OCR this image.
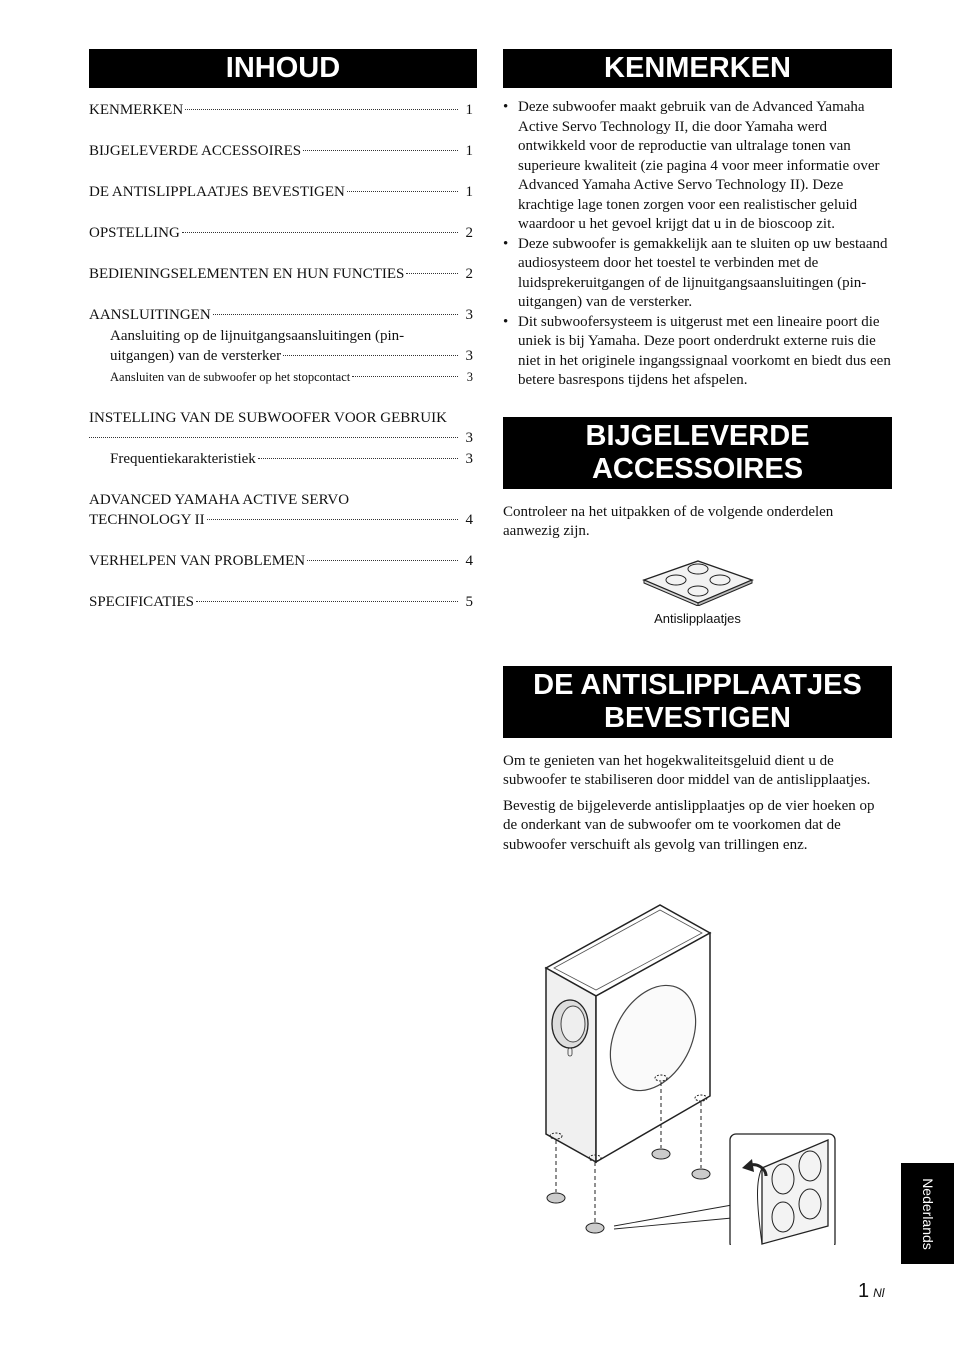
INHOUD
KENMERKEN	1
BIJGELEVERDE ACCESSOIRES	1
DE ANTISLIPPLAATJES BEVESTIGEN	1
OPSTELLING	2
BEDIENINGSELEMENTEN EN HUN FUNCTIES	2
AANSLUITINGEN	3
Aansluiting op de lijnuitgangsaansluitingen (pin-
uitgangen) van de versterker	3
Aansluiten van de subwoofer op het stopcontact	3
INSTELLING VAN DE SUBWOOFER VOOR GEBRUIK
3
Frequentiekarakteristiek	3
ADVANCED YAMAHA ACTIVE SERVO
TECHNOLOGY II	4
VERHELPEN VAN PROBLEMEN	4
SPECIFICATIES	5
KENMERKEN
• Deze subwoofer maakt gebruik van de Advanced Yamaha Active Servo Technology II, die door Yamaha werd ontwikkeld voor de reproductie van ultralage tonen van superieure kwaliteit (zie pagina 4 voor meer informatie over Advanced Yamaha Active Servo Technology II). Deze krachtige lage tonen zorgen voor een realistischer geluid waardoor u het gevoel krijgt dat u in de bioscoop zit.
• Deze subwoofer is gemakkelijk aan te sluiten op uw bestaand audiosysteem door het toestel te verbinden met de luidsprekeruitgangen of de lijnuitgangsaansluitingen (pin-uitgangen) van de versterker.
• Dit subwoofersysteem is uitgerust met een lineaire poort die uniek is bij Yamaha. Deze poort onderdrukt externe ruis die niet in het originele ingangssignaal voorkomt en biedt dus een betere basrespons tijdens het afspelen.
BIJGELEVERDE
ACCESSOIRES

Controleer na het uitpakken of de volgende onderdelen aanwezig zijn.

Antislipplaatjes
DE ANTISLIPPLAATJES
BEVESTIGEN

Om te genieten van het hogekwaliteitsgeluid dient u de subwoofer te stabiliseren door middel van de antislipplaatjes.

Bevestig de bijgeleverde antislipplaatjes op de vier hoeken op de onderkant van de subwoofer om te voorkomen dat de subwoofer verschuift als gevolg van trillingen enz.

Nederlands
1 Nl
